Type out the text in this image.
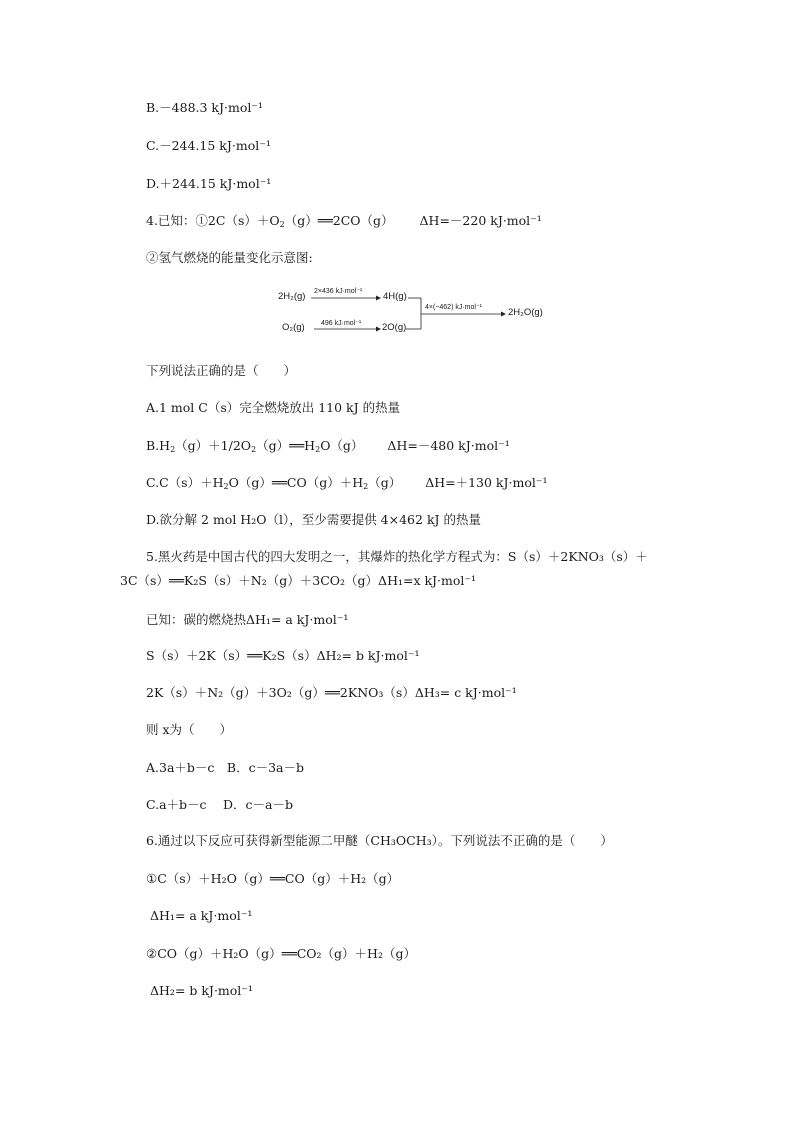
B.－488.3 kJ·mol⁻¹
C.－244.15 kJ·mol⁻¹
D.＋244.15 kJ·mol⁻¹
4.已知：$①2C(s)+O_2(g)══2CO(g)$ ΔH=－220 kJ·mol⁻¹
②氢气燃烧的能量变化示意图:
2H₂(g)
O₂(g)
4H(g)
2O(g)
2H₂O(g)
2×436 kJ·mol⁻¹
496 kJ·mol⁻¹
4×(−462) kJ·mol⁻¹
下列说法正确的是（　　）
A.1 mol C（s）完全燃烧放出 110 kJ 的热量
$B.H_2(g)+1/2O_2(g)══H_2O(g)$ ΔH=－480 kJ·mol⁻¹
$C.C(s)+H_2O(g)══CO(g)+H_2(g)$ ΔH=＋130 kJ·mol⁻¹
D.欲分解 2 mol H₂O（l），至少需要提供 4×462 kJ 的热量
5.黑火药是中国古代的四大发明之一，其爆炸的热化学方程式为：S（s）＋2KNO₃（s）＋
3C（s）══K₂S（s）＋N₂（g）＋3CO₂（g）ΔH₁=x kJ·mol⁻¹
已知：碳的燃烧热ΔH₁= a kJ·mol⁻¹
S（s）＋2K（s）══K₂S（s）ΔH₂= b kJ·mol⁻¹
2K（s）＋N₂（g）＋3O₂（g）══2KNO₃（s）ΔH₃= c kJ·mol⁻¹
则 x为（　　）
A.3a＋b－c　B．c－3a－b
C.a＋b－c　 D．c－a－b
6.通过以下反应可获得新型能源二甲醚（CH₃OCH₃）。下列说法不正确的是（　　）
①C（s）＋H₂O（g）══CO（g）＋H₂（g）
ΔH₁= a kJ·mol⁻¹
②CO（g）＋H₂O（g）══CO₂（g）＋H₂（g）
ΔH₂= b kJ·mol⁻¹
